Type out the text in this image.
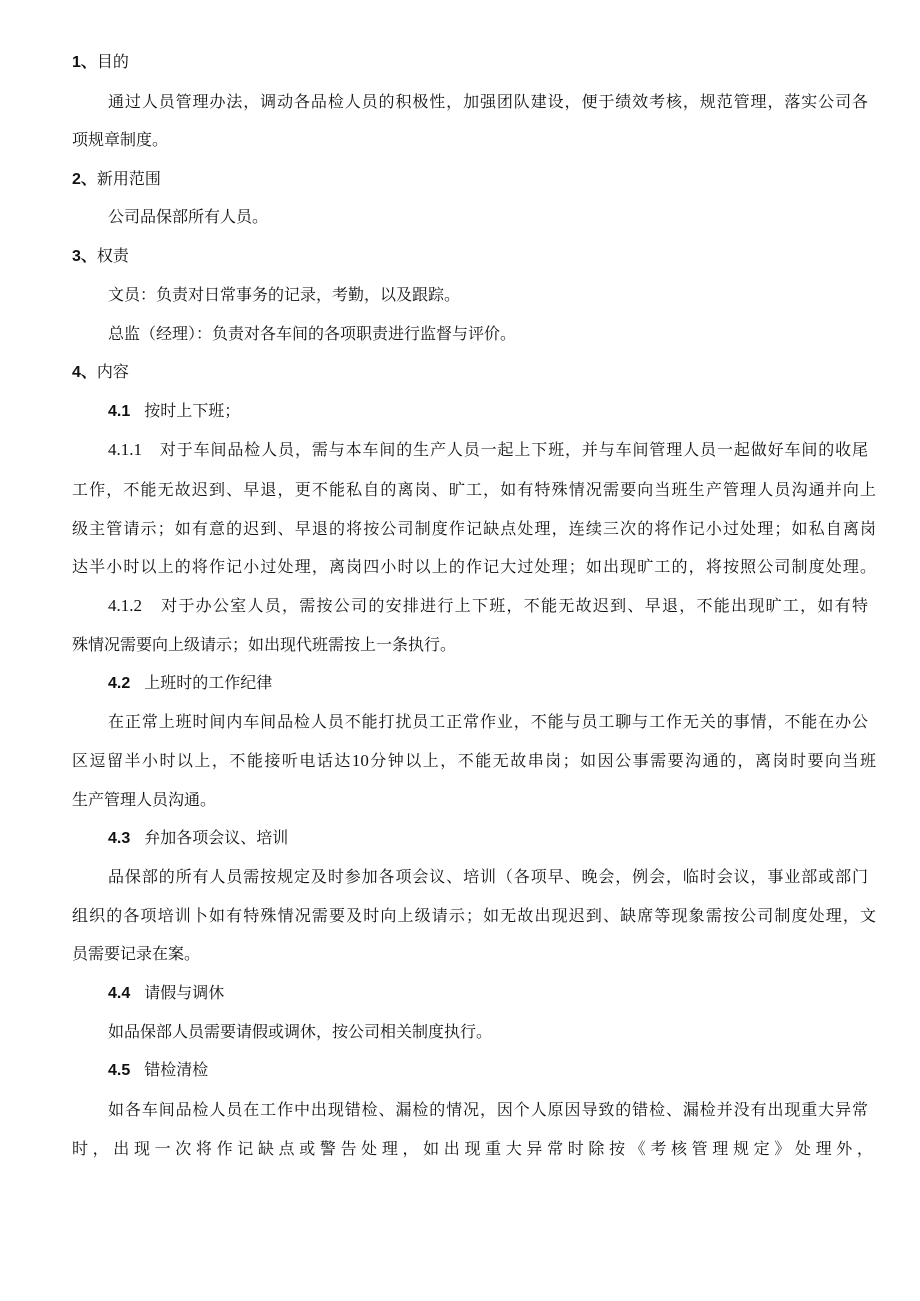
1、目的
通过人员管理办法，调动各品检人员的积极性，加强团队建设，便于绩效考核，规范管理，落实公司各
项规章制度。
2、新用范围
公司品保部所有人员。
3、权责
文员：负责对日常事务的记录，考勤，以及跟踪。
总监（经理）：负责对各车间的各项职责进行监督与评价。
4、内容
4.1 按时上下班；
4.1.1 对于车间品检人员，需与本车间的生产人员一起上下班，并与车间管理人员一起做好车间的收尾
工作，不能无故迟到、早退，更不能私自的离岗、旷工，如有特殊情况需要向当班生产管理人员沟通并向上
级主管请示；如有意的迟到、早退的将按公司制度作记缺点处理，连续三次的将作记小过处理；如私自离岗
达半小时以上的将作记小过处理，离岗四小时以上的作记大过处理；如出现旷工的，将按照公司制度处理。
4.1.2 对于办公室人员，需按公司的安排进行上下班，不能无故迟到、早退，不能出现旷工，如有特
殊情况需要向上级请示；如出现代班需按上一条执行。
4.2 上班时的工作纪律
在正常上班时间内车间品检人员不能打扰员工正常作业，不能与员工聊与工作无关的事情，不能在办公
区逗留半小时以上，不能接听电话达10分钟以上，不能无故串岗；如因公事需要沟通的，离岗时要向当班
生产管理人员沟通。
4.3 弁加各项会议、培训
品保部的所有人员需按规定及时参加各项会议、培训（各项早、晚会，例会，临时会议，事业部或部门
组织的各项培训卜如有特殊情况需要及时向上级请示；如无故出现迟到、缺席等现象需按公司制度处理，文
员需要记录在案。
4.4 请假与调休
如品保部人员需要请假或调休，按公司相关制度执行。
4.5 错检清检
如各车间品检人员在工作中出现错检、漏检的情况，因个人原因导致的错检、漏检并没有出现重大异常
时，出现一次将作记缺点或警告处理，如出现重大异常时除按《考核管理规定》处理外，
